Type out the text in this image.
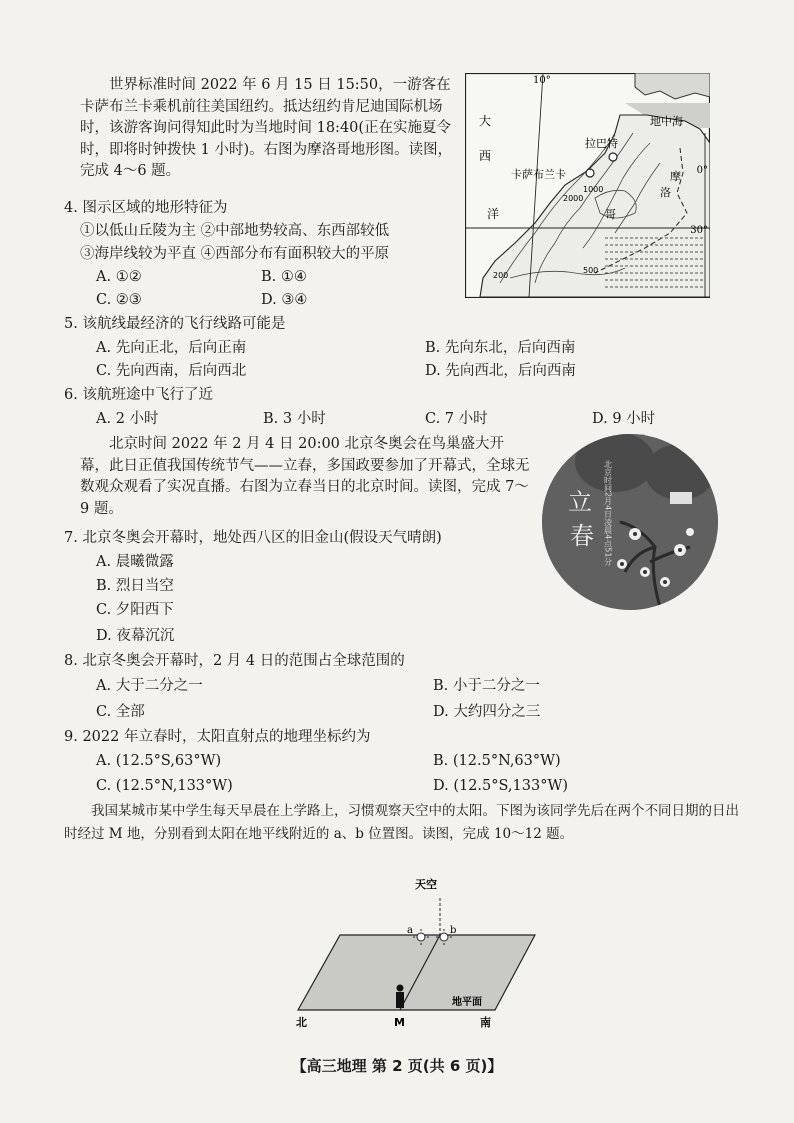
世界标准时间 2022 年 6 月 15 日 15:50，一游客在卡萨布兰卡乘机前往美国纽约。抵达纽约肯尼迪国际机场时，该游客询问得知此时为当地时间 18:40(正在实施夏令时，即将时钟拨快 1 小时)。右图为摩洛哥地形图。读图，完成 4～6 题。
10°
0°
30°
地中海
大
西
洋
拉巴特
卡萨布兰卡	摩
洛
哥
2000
1000
200
500
4. 图示区域的地形特征为
①以低山丘陵为主 ②中部地势较高、东西部较低
③海岸线较为平直 ④西部分布有面积较大的平原
A. ①②	B. ①④
C. ②③	D. ③④
5. 该航线最经济的飞行线路可能是
A. 先向正北，后向正南	B. 先向东北，后向西南
C. 先向西南，后向西北	D. 先向西北，后向西南
6. 该航班途中飞行了近
A. 2 小时	B. 3 小时	C. 7 小时	D. 9 小时
北京时间 2022 年 2 月 4 日 20:00 北京冬奥会在鸟巢盛大开幕，此日正值我国传统节气——立春，多国政要参加了开幕式，全球无数观众观看了实况直播。右图为立春当日的北京时间。读图，完成 7～9 题。	立
春 北京时间2月4日凌晨4点51分
7. 北京冬奥会开幕时，地处西八区的旧金山(假设天气晴朗)
A. 晨曦微露
B. 烈日当空
C. 夕阳西下
D. 夜幕沉沉
8. 北京冬奥会开幕时，2 月 4 日的范围占全球范围的
A. 大于二分之一	B. 小于二分之一
C. 全部	D. 大约四分之三
9. 2022 年立春时，太阳直射点的地理坐标约为
A. (12.5°S,63°W)	B. (12.5°N,63°W)
C. (12.5°N,133°W)	D. (12.5°S,133°W)
我国某城市某中学生每天早晨在上学路上，习惯观察天空中的太阳。下图为该同学先后在两个不同日期的日出时经过 M 地，分别看到太阳在地平线附近的 a、b 位置图。读图，完成 10～12 题。
天空
a	b
地平面
北	M	南
【高三地理 第 2 页(共 6 页)】
